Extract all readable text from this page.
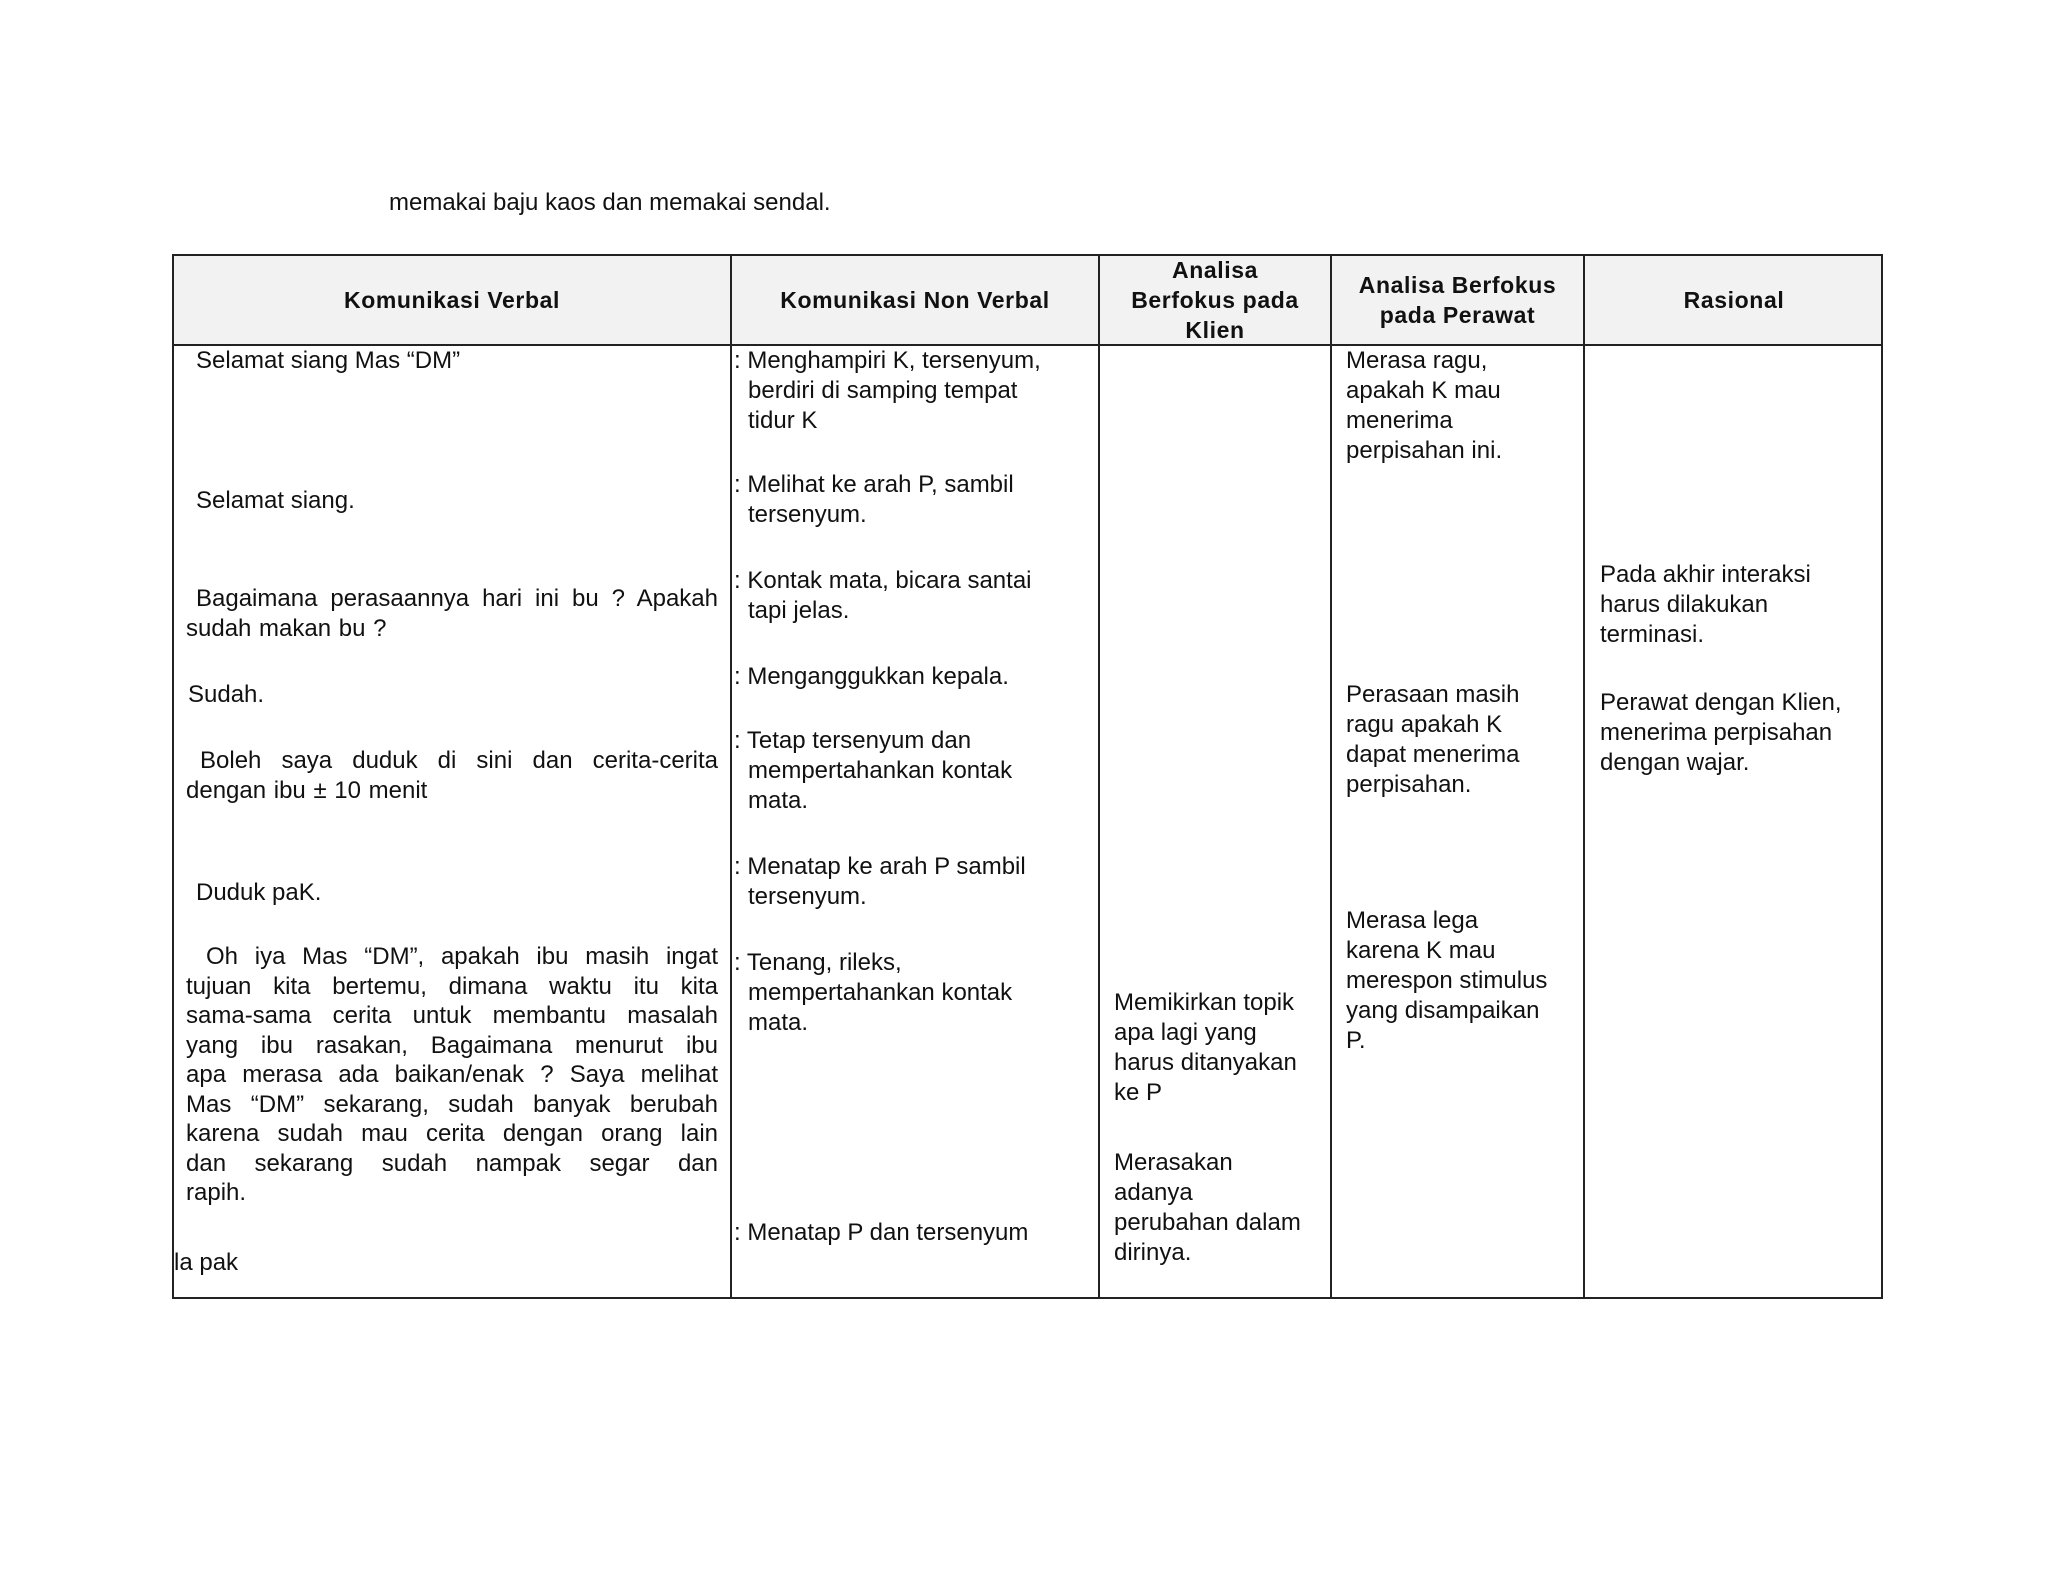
memakai baju kaos dan memakai sendal.
Komunikasi Verbal	Komunikasi Non Verbal
Analisa
Berfokus pada
Klien
Analisa Berfokus
pada Perawat
Rasional
Selamat siang Mas “DM”
Selamat siang.
Bagaimana perasaannya hari ini bu ? Apakah
sudah makan bu ?
Sudah.
Boleh saya duduk di sini dan cerita-cerita
dengan ibu ± 10 menit
Duduk paK.
Oh iya Mas “DM”, apakah ibu masih ingat
tujuan kita bertemu, dimana waktu itu kita
sama-sama cerita untuk membantu masalah
yang ibu rasakan, Bagaimana menurut ibu
apa merasa ada baikan/enak ? Saya melihat
Mas “DM” sekarang, sudah banyak berubah
karena sudah mau cerita dengan orang lain
dan sekarang sudah nampak segar dan
rapih.
la pak
: Menghampiri K, tersenyum,
berdiri di samping tempat
tidur K
: Melihat ke arah P, sambil
tersenyum.
: Kontak mata, bicara santai
tapi jelas.
: Menganggukkan kepala.
: Tetap tersenyum dan
mempertahankan kontak
mata.
: Menatap ke arah P sambil
tersenyum.
: Tenang, rileks,
mempertahankan kontak
mata.
: Menatap P dan tersenyum
Memikirkan topik
apa lagi yang
harus ditanyakan
ke P
Merasakan
adanya
perubahan dalam
dirinya.
Merasa ragu,
apakah K mau
menerima
perpisahan ini.
Perasaan masih
ragu apakah K
dapat menerima
perpisahan.
Merasa lega
karena K mau
merespon stimulus
yang disampaikan
P.
Pada akhir interaksi
harus dilakukan
terminasi.
Perawat dengan Klien,
menerima perpisahan
dengan wajar.
